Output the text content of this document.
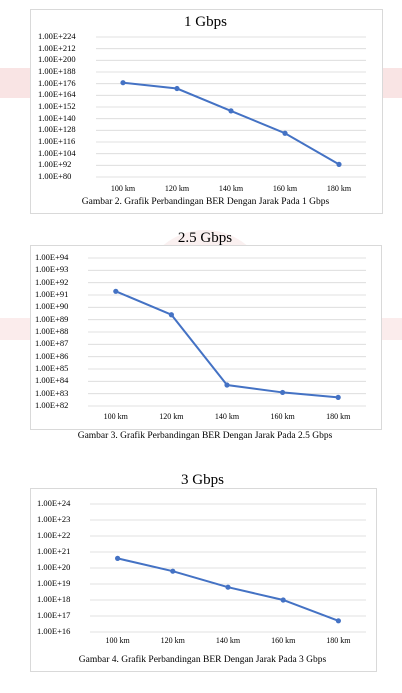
1 Gbps
1.00E+80
1.00E+92
1.00E+104
1.00E+116
1.00E+128
1.00E+140
1.00E+152
1.00E+164
1.00E+176
1.00E+188
1.00E+200
1.00E+212
1.00E+224
100 km	120 km	140 km	160 km	180 km
Gambar 2. Grafik Perbandingan BER Dengan Jarak Pada 1 Gbps
2.5 Gbps
1.00E+82
1.00E+83
1.00E+84
1.00E+85
1.00E+86
1.00E+87
1.00E+88
1.00E+89
1.00E+90
1.00E+91
1.00E+92
1.00E+93
1.00E+94
100 km	120 km	140 km	160 km	180 km
Gambar 3. Grafik Perbandingan BER Dengan Jarak Pada 2.5 Gbps
3 Gbps
1.00E+16
1.00E+17
1.00E+18
1.00E+19
1.00E+20
1.00E+21
1.00E+22
1.00E+23
1.00E+24
100 km	120 km	140 km	160 km	180 km
Gambar 4. Grafik Perbandingan BER Dengan Jarak Pada 3 Gbps
